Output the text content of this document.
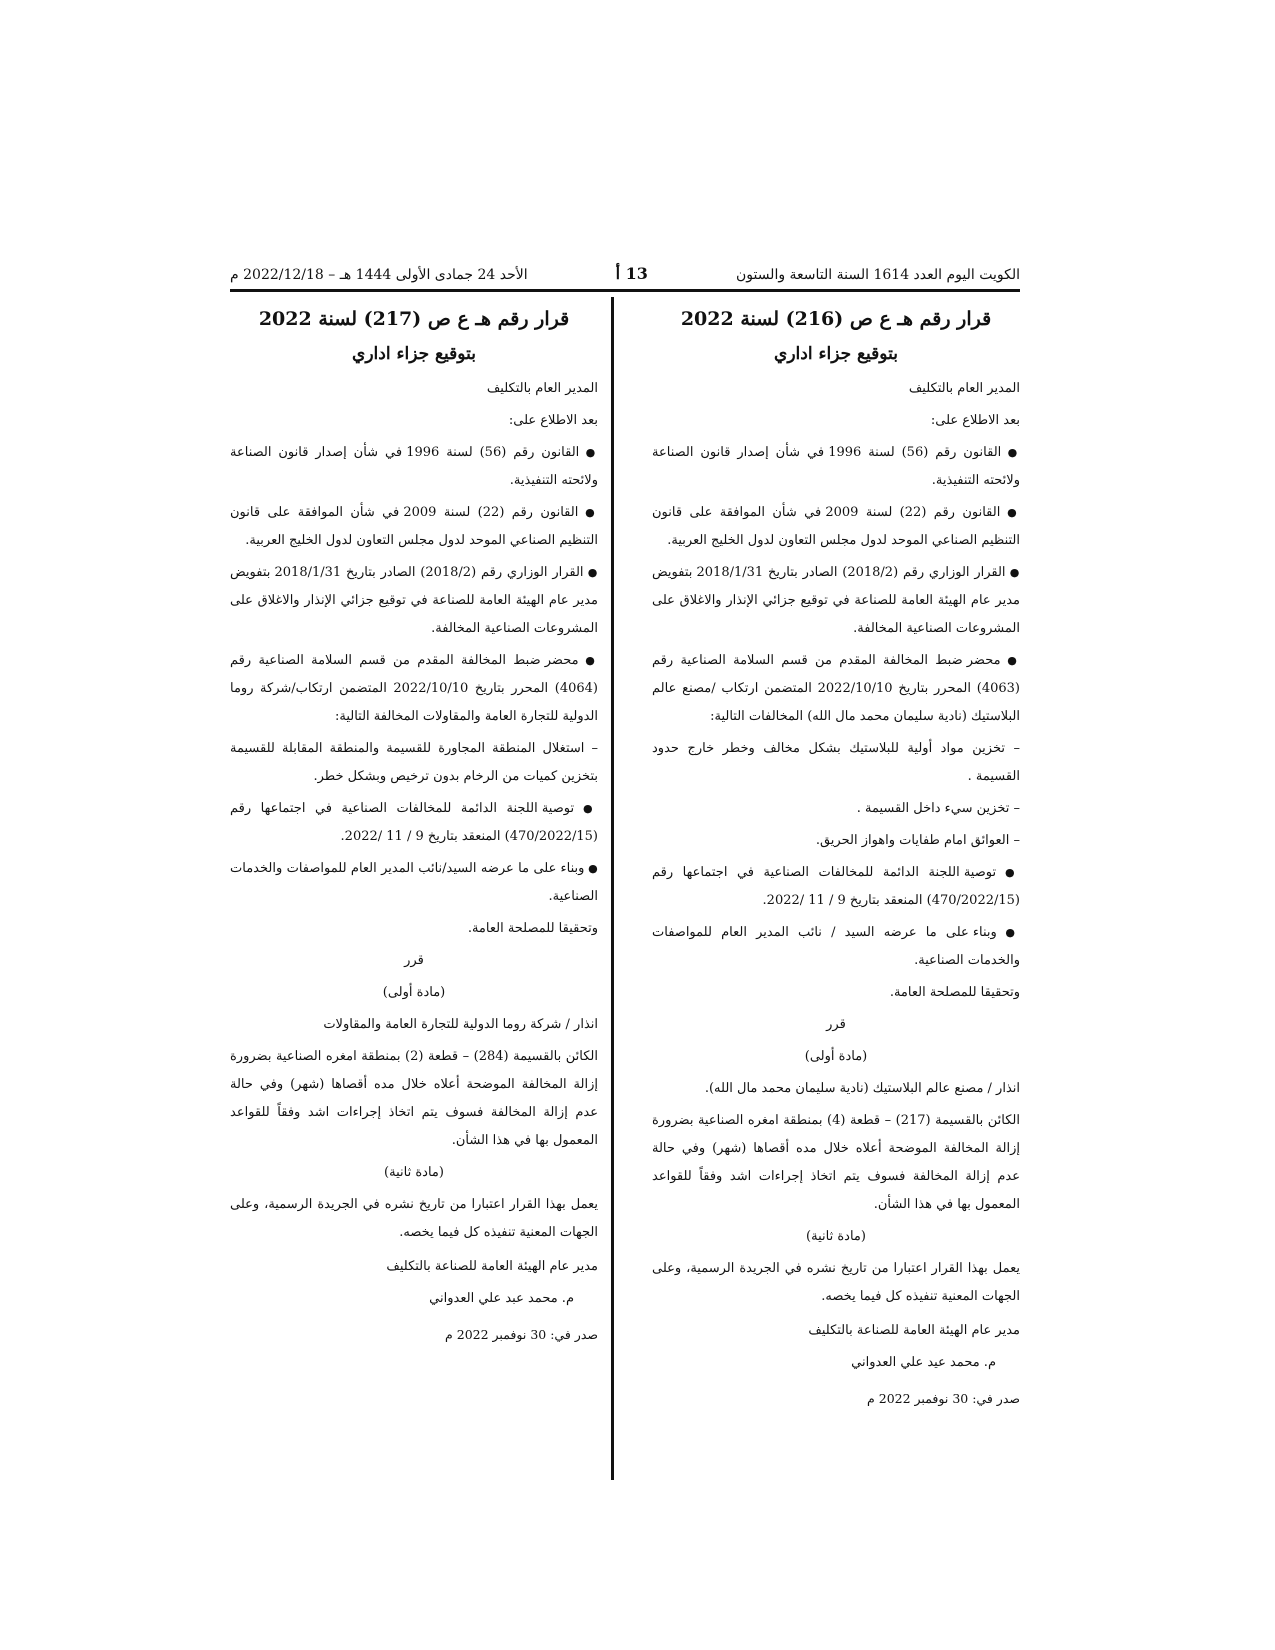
الكويت اليوم العدد 1614 السنة التاسعة والستون
13 أ
الأحد 24 جمادى الأولى 1444 هـ – 2022/12/18 م
قرار رقم هـ ع ص (216) لسنة 2022
بتوقيع جزاء اداري
المدير العام بالتكليف
بعد الاطلاع على:
● القانون رقم (56) لسنة 1996 في شأن إصدار قانون الصناعة ولائحته التنفيذية.
● القانون رقم (22) لسنة 2009 في شأن الموافقة على قانون التنظيم الصناعي الموحد لدول مجلس التعاون لدول الخليج العربية.
● القرار الوزاري رقم (2018/2) الصادر بتاريخ 2018/1/31 بتفويض مدير عام الهيئة العامة للصناعة في توقيع جزائي الإنذار والاغلاق على المشروعات الصناعية المخالفة.
● محضر ضبط المخالفة المقدم من قسم السلامة الصناعية رقم (4063) المحرر بتاريخ 2022/10/10 المتضمن ارتكاب /مصنع عالم البلاستيك (نادية سليمان محمد مال الله) المخالفات التالية:
– تخزين مواد أولية للبلاستيك بشكل مخالف وخطر خارج حدود القسيمة .
– تخزين سيء داخل القسيمة .
– العوائق امام طفايات واهواز الحريق.
● توصية اللجنة الدائمة للمخالفات الصناعية في اجتماعها رقم (470/2022/15) المنعقد بتاريخ 9 / 11 /2022.
● وبناء على ما عرضه السيد / نائب المدير العام للمواصفات والخدمات الصناعية.
وتحقيقا للمصلحة العامة.
قرر
(مادة أولى)
انذار / مصنع عالم البلاستيك (نادية سليمان محمد مال الله).
الكائن بالقسيمة (217) – قطعة (4) بمنطقة امغره الصناعية بضرورة إزالة المخالفة الموضحة أعلاه خلال مده أقصاها (شهر) وفي حالة عدم إزالة المخالفة فسوف يتم اتخاذ إجراءات اشد وفقاً للقواعد المعمول بها في هذا الشأن.
(مادة ثانية)
يعمل بهذا القرار اعتبارا من تاريخ نشره في الجريدة الرسمية، وعلى الجهات المعنية تنفيذه كل فيما يخصه.
مدير عام الهيئة العامة للصناعة بالتكليف
م. محمد عيد علي العدواني
صدر في: 30 نوفمبر 2022 م
قرار رقم هـ ع ص (217) لسنة 2022
بتوقيع جزاء اداري
المدير العام بالتكليف
بعد الاطلاع على:
● القانون رقم (56) لسنة 1996 في شأن إصدار قانون الصناعة ولائحته التنفيذية.
● القانون رقم (22) لسنة 2009 في شأن الموافقة على قانون التنظيم الصناعي الموحد لدول مجلس التعاون لدول الخليج العربية.
● القرار الوزاري رقم (2018/2) الصادر بتاريخ 2018/1/31 بتفويض مدير عام الهيئة العامة للصناعة في توقيع جزائي الإنذار والاغلاق على المشروعات الصناعية المخالفة.
● محضر ضبط المخالفة المقدم من قسم السلامة الصناعية رقم (4064) المحرر بتاريخ 2022/10/10 المتضمن ارتكاب/شركة روما الدولية للتجارة العامة والمقاولات المخالفة التالية:
– استغلال المنطقة المجاورة للقسيمة والمنطقة المقابلة للقسيمة بتخزين كميات من الرخام بدون ترخيص وبشكل خطر.
● توصية اللجنة الدائمة للمخالفات الصناعية في اجتماعها رقم (470/2022/15) المنعقد بتاريخ 9 / 11 /2022.
● وبناء على ما عرضه السيد/نائب المدير العام للمواصفات والخدمات الصناعية.
وتحقيقا للمصلحة العامة.
قرر
(مادة أولى)
انذار / شركة روما الدولية للتجارة العامة والمقاولات
الكائن بالقسيمة (284) – قطعة (2) بمنطقة امغره الصناعية بضرورة إزالة المخالفة الموضحة أعلاه خلال مده أقصاها (شهر) وفي حالة عدم إزالة المخالفة فسوف يتم اتخاذ إجراءات اشد وفقاً للقواعد المعمول بها في هذا الشأن.
(مادة ثانية)
يعمل بهذا القرار اعتبارا من تاريخ نشره في الجريدة الرسمية، وعلى الجهات المعنية تنفيذه كل فيما يخصه.
مدير عام الهيئة العامة للصناعة بالتكليف
م. محمد عبد علي العدواني
صدر في: 30 نوفمبر 2022 م
